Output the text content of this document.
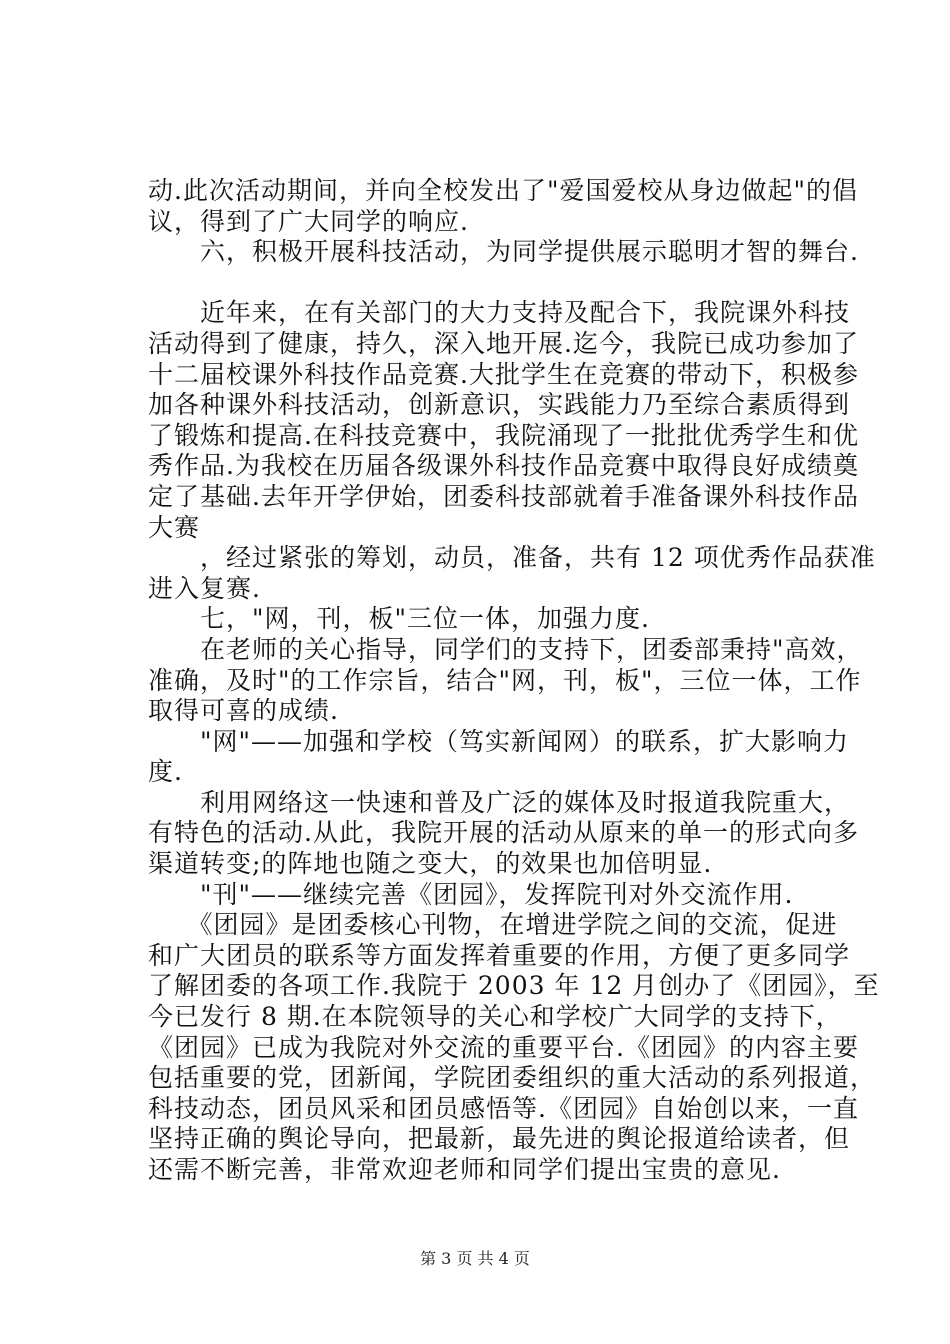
动.此次活动期间，并向全校发出了"爱国爱校从身边做起"的倡
议，得到了广大同学的响应.
　　六，积极开展科技活动，为同学提供展示聪明才智的舞台.
　　近年来，在有关部门的大力支持及配合下，我院课外科技
活动得到了健康，持久，深入地开展.迄今，我院已成功参加了
十二届校课外科技作品竞赛.大批学生在竞赛的带动下，积极参
加各种课外科技活动，创新意识，实践能力乃至综合素质得到
了锻炼和提高.在科技竞赛中，我院涌现了一批批优秀学生和优
秀作品.为我校在历届各级课外科技作品竞赛中取得良好成绩奠
定了基础.去年开学伊始，团委科技部就着手准备课外科技作品
大赛
　　，经过紧张的筹划，动员，准备，共有 12 项优秀作品获准
进入复赛.
　　七，"网，刊，板"三位一体，加强力度.
　　在老师的关心指导，同学们的支持下，团委部秉持"高效，
准确，及时"的工作宗旨，结合"网，刊，板"，三位一体，工作
取得可喜的成绩.
　　"网"——加强和学校（笃实新闻网）的联系，扩大影响力
度.
　　利用网络这一快速和普及广泛的媒体及时报道我院重大，
有特色的活动.从此，我院开展的活动从原来的单一的形式向多
渠道转变;的阵地也随之变大，的效果也加倍明显.
　　"刊"——继续完善《团园》，发挥院刊对外交流作用.
　　《团园》是团委核心刊物，在增进学院之间的交流，促进
和广大团员的联系等方面发挥着重要的作用，方便了更多同学
了解团委的各项工作.我院于 2003 年 12 月创办了《团园》，至
今已发行 8 期.在本院领导的关心和学校广大同学的支持下，
《团园》已成为我院对外交流的重要平台.《团园》的内容主要
包括重要的党，团新闻，学院团委组织的重大活动的系列报道，
科技动态，团员风采和团员感悟等.《团园》自始创以来，一直
坚持正确的舆论导向，把最新，最先进的舆论报道给读者，但
还需不断完善，非常欢迎老师和同学们提出宝贵的意见.
第 3 页 共 4 页
